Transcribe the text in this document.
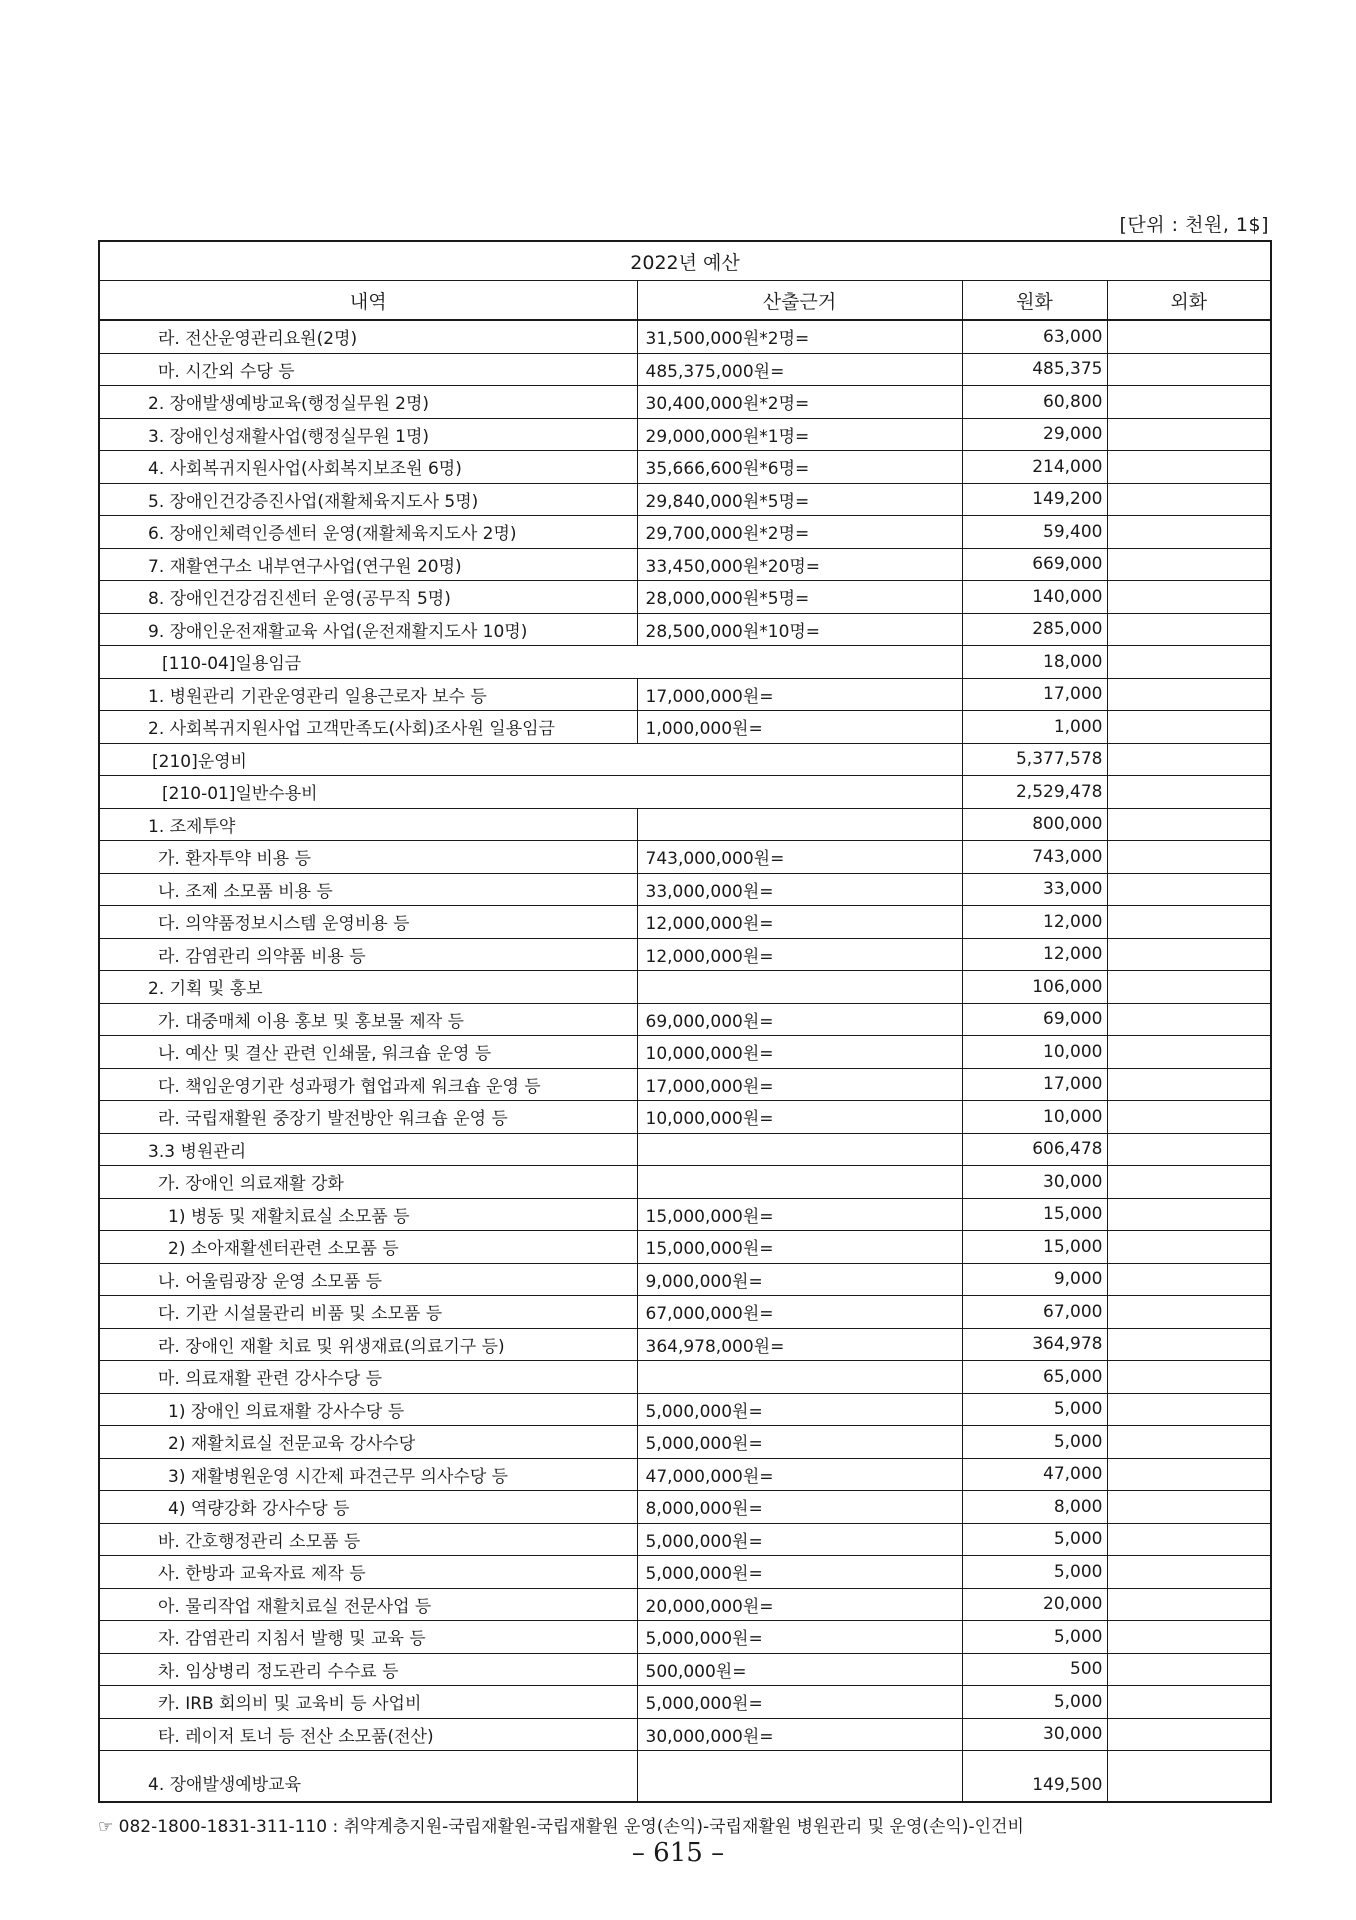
[단위 : 천원, 1$]
2022년 예산			
내역	산출근거	원화	외화
라. 전산운영관리요원(2명)	31,500,000원*2명=	63,000	
마. 시간외 수당 등	485,375,000원=	485,375	
2. 장애발생예방교육(행정실무원 2명)	30,400,000원*2명=	60,800	
3. 장애인성재활사업(행정실무원 1명)	29,000,000원*1명=	29,000	
4. 사회복귀지원사업(사회복지보조원 6명)	35,666,600원*6명=	214,000	
5. 장애인건강증진사업(재활체육지도사 5명)	29,840,000원*5명=	149,200	
6. 장애인체력인증센터 운영(재활체육지도사 2명)	29,700,000원*2명=	59,400	
7. 재활연구소 내부연구사업(연구원 20명)	33,450,000원*20명=	669,000	
8. 장애인건강검진센터 운영(공무직 5명)	28,000,000원*5명=	140,000	
9. 장애인운전재활교육 사업(운전재활지도사 10명)	28,500,000원*10명=	285,000	
[110-04]일용임금		18,000	
1. 병원관리 기관운영관리 일용근로자 보수 등	17,000,000원=	17,000	
2. 사회복귀지원사업 고객만족도(사회)조사원 일용임금	1,000,000원=	1,000	
[210]운영비		5,377,578	
[210-01]일반수용비		2,529,478	
1. 조제투약		800,000	
가. 환자투약 비용 등	743,000,000원=	743,000	
나. 조제 소모품 비용 등	33,000,000원=	33,000	
다. 의약품정보시스템 운영비용 등	12,000,000원=	12,000	
라. 감염관리 의약품 비용 등	12,000,000원=	12,000	
2. 기획 및 홍보		106,000	
가. 대중매체 이용 홍보 및 홍보물 제작 등	69,000,000원=	69,000	
나. 예산 및 결산 관련 인쇄물, 워크숍 운영 등	10,000,000원=	10,000	
다. 책임운영기관 성과평가 협업과제 워크숍 운영 등	17,000,000원=	17,000	
라. 국립재활원 중장기 발전방안 워크숍 운영 등	10,000,000원=	10,000	
3.3 병원관리		606,478	
가. 장애인 의료재활 강화		30,000	
1) 병동 및 재활치료실 소모품 등	15,000,000원=	15,000	
2) 소아재활센터관련 소모품 등	15,000,000원=	15,000	
나. 어울림광장 운영 소모품 등	9,000,000원=	9,000	
다. 기관 시설물관리 비품 및 소모품 등	67,000,000원=	67,000	
라. 장애인 재활 치료 및 위생재료(의료기구 등)	364,978,000원=	364,978	
마. 의료재활 관련 강사수당 등		65,000	
1) 장애인 의료재활 강사수당 등	5,000,000원=	5,000	
2) 재활치료실 전문교육 강사수당	5,000,000원=	5,000	
3) 재활병원운영 시간제 파견근무 의사수당 등	47,000,000원=	47,000	
4) 역량강화 강사수당 등	8,000,000원=	8,000	
바. 간호행정관리 소모품 등	5,000,000원=	5,000	
사. 한방과 교육자료 제작 등	5,000,000원=	5,000	
아. 물리작업 재활치료실 전문사업 등	20,000,000원=	20,000	
자. 감염관리 지침서 발행 및 교육 등	5,000,000원=	5,000	
차. 임상병리 정도관리 수수료 등	500,000원=	500	
카. IRB 회의비 및 교육비 등 사업비	5,000,000원=	5,000	
타. 레이저 토너 등 전산 소모품(전산)	30,000,000원=	30,000	
4. 장애발생예방교육		149,500	
☞ 082-1800-1831-311-110 : 취약계층지원-국립재활원-국립재활원 운영(손익)-국립재활원 병원관리 및 운영(손익)-인건비
– 615 –
